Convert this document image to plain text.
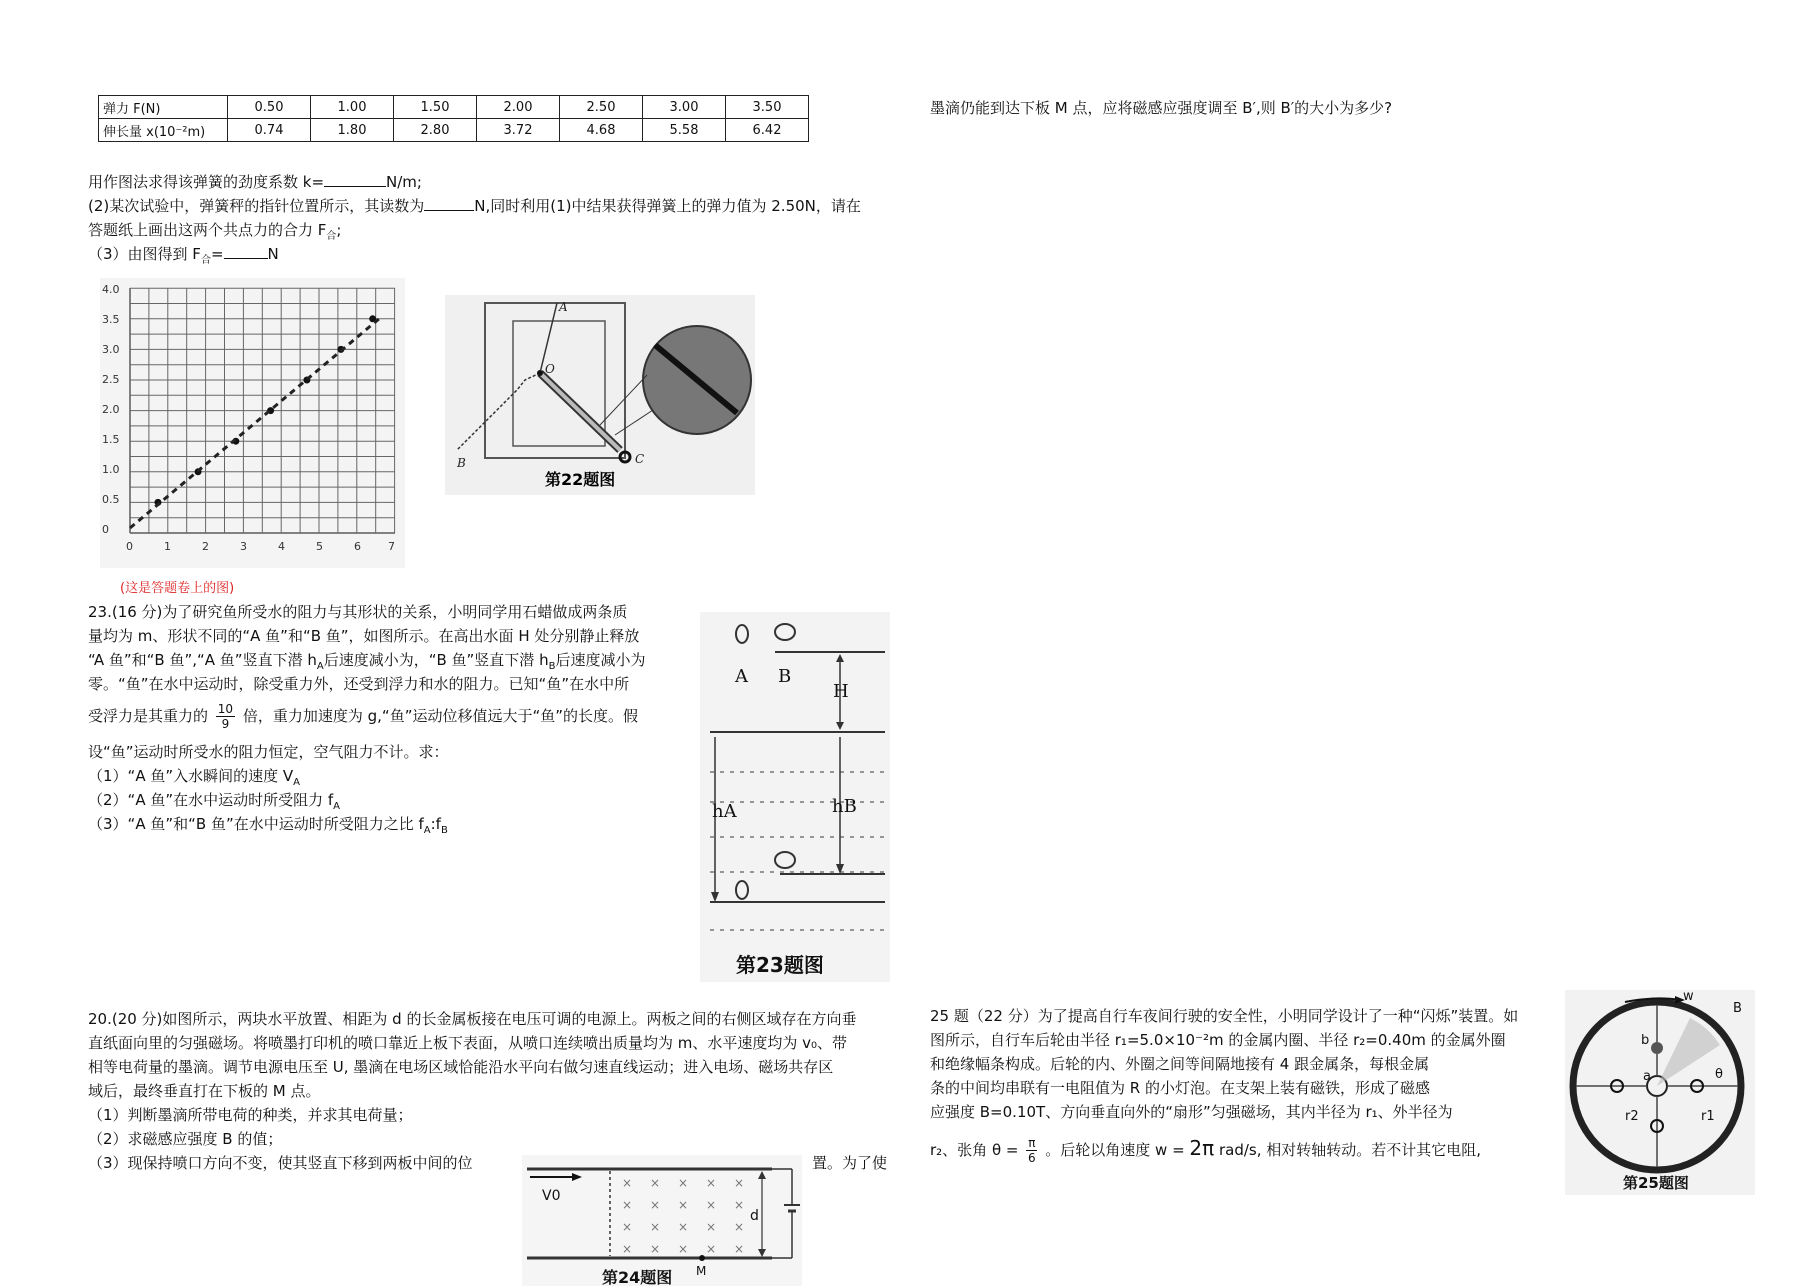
弹力 F(N)	0.50	1.00	1.50	2.00	2.50	3.00	3.50
伸长量 x(10⁻²m)	0.74	1.80	2.80	3.72	4.68	5.58	6.42
用作图法求得该弹簧的劲度系数 k=	N/m;
(2)某次试验中，弹簧秤的指针位置所示，其读数为	N,同时利用(1)中结果获得弹簧上的弹力值为 2.50N，请在
答题纸上画出这两个共点力的合力 $F_合$;
（3）由图得到 $F_合=$	N
4.0
3.5
3.0
2.5
2.0
1.5
1.0
0.5
0
0	1	2	3	4	5	6 7
(这是答题卷上的图)
A
O
B	C
第22题图
23.(16 分)为了研究鱼所受水的阻力与其形状的关系，小明同学用石蜡做成两条质
量均为 m、形状不同的“A 鱼”和“B 鱼”，如图所示。在高出水面 H 处分别静止释放
“A 鱼”和“B 鱼”,“A 鱼”竖直下潜 $h_A$后速度减小为，“B 鱼”竖直下潜 $h_B$后速度减小为
零。“鱼”在水中运动时，除受重力外，还受到浮力和水的阻力。已知“鱼”在水中所
受浮力是其重力的 $\frac{10}{9}$ 倍，重力加速度为 g,“鱼”运动位移值远大于“鱼”的长度。假
设“鱼”运动时所受水的阻力恒定，空气阻力不计。求：
（1）“A 鱼”入水瞬间的速度 $V_A$
（2）“A 鱼”在水中运动时所受阻力 $f_A$
（3）“A 鱼”和“B 鱼”在水中运动时所受阻力之比 $f_A:f_B$
A B
H
hA	hB
第23题图
墨滴仍能到达下板 M 点，应将磁感应强度调至 B′,则 B′的大小为多少?
20.(20 分)如图所示，两块水平放置、相距为 d 的长金属板接在电压可调的电源上。两板之间的右侧区域存在方向垂
直纸面向里的匀强磁场。将喷墨打印机的喷口靠近上板下表面，从喷口连续喷出质量均为 m、水平速度均为 v₀、带
相等电荷量的墨滴。调节电源电压至 U, 墨滴在电场区域恰能沿水平向右做匀速直线运动；进入电场、磁场共存区
域后，最终垂直打在下板的 M 点。
（1）判断墨滴所带电荷的种类，并求其电荷量；
（2）求磁感应强度 B 的值；
（3）现保持喷口方向不变，使其竖直下移到两板中间的位	置。为了使
× × × × ×
× × × × ×
× × × × ×
× × × × ×
V0
d
M
第24题图
25 题（22 分）为了提高自行车夜间行驶的安全性，小明同学设计了一种“闪烁”装置。如
图所示，自行车后轮由半径 r₁=5.0×10⁻²m 的金属内圈、半径 r₂=0.40m 的金属外圈
和绝缘幅条构成。后轮的内、外圈之间等间隔地接有 4 跟金属条，每根金属
条的中间均串联有一电阻值为 R 的小灯泡。在支架上装有磁铁，形成了磁感
应强度 B=0.10T、方向垂直向外的“扇形”匀强磁场，其内半径为 r₁、外半径为
r₂、张角 $\theta = \frac{\pi}{6}$ 。后轮以角速度 w = 2π rad/s, 相对转轴转动。若不计其它电阻,
w
B
b
a	θ
r2	r1
第25题图
